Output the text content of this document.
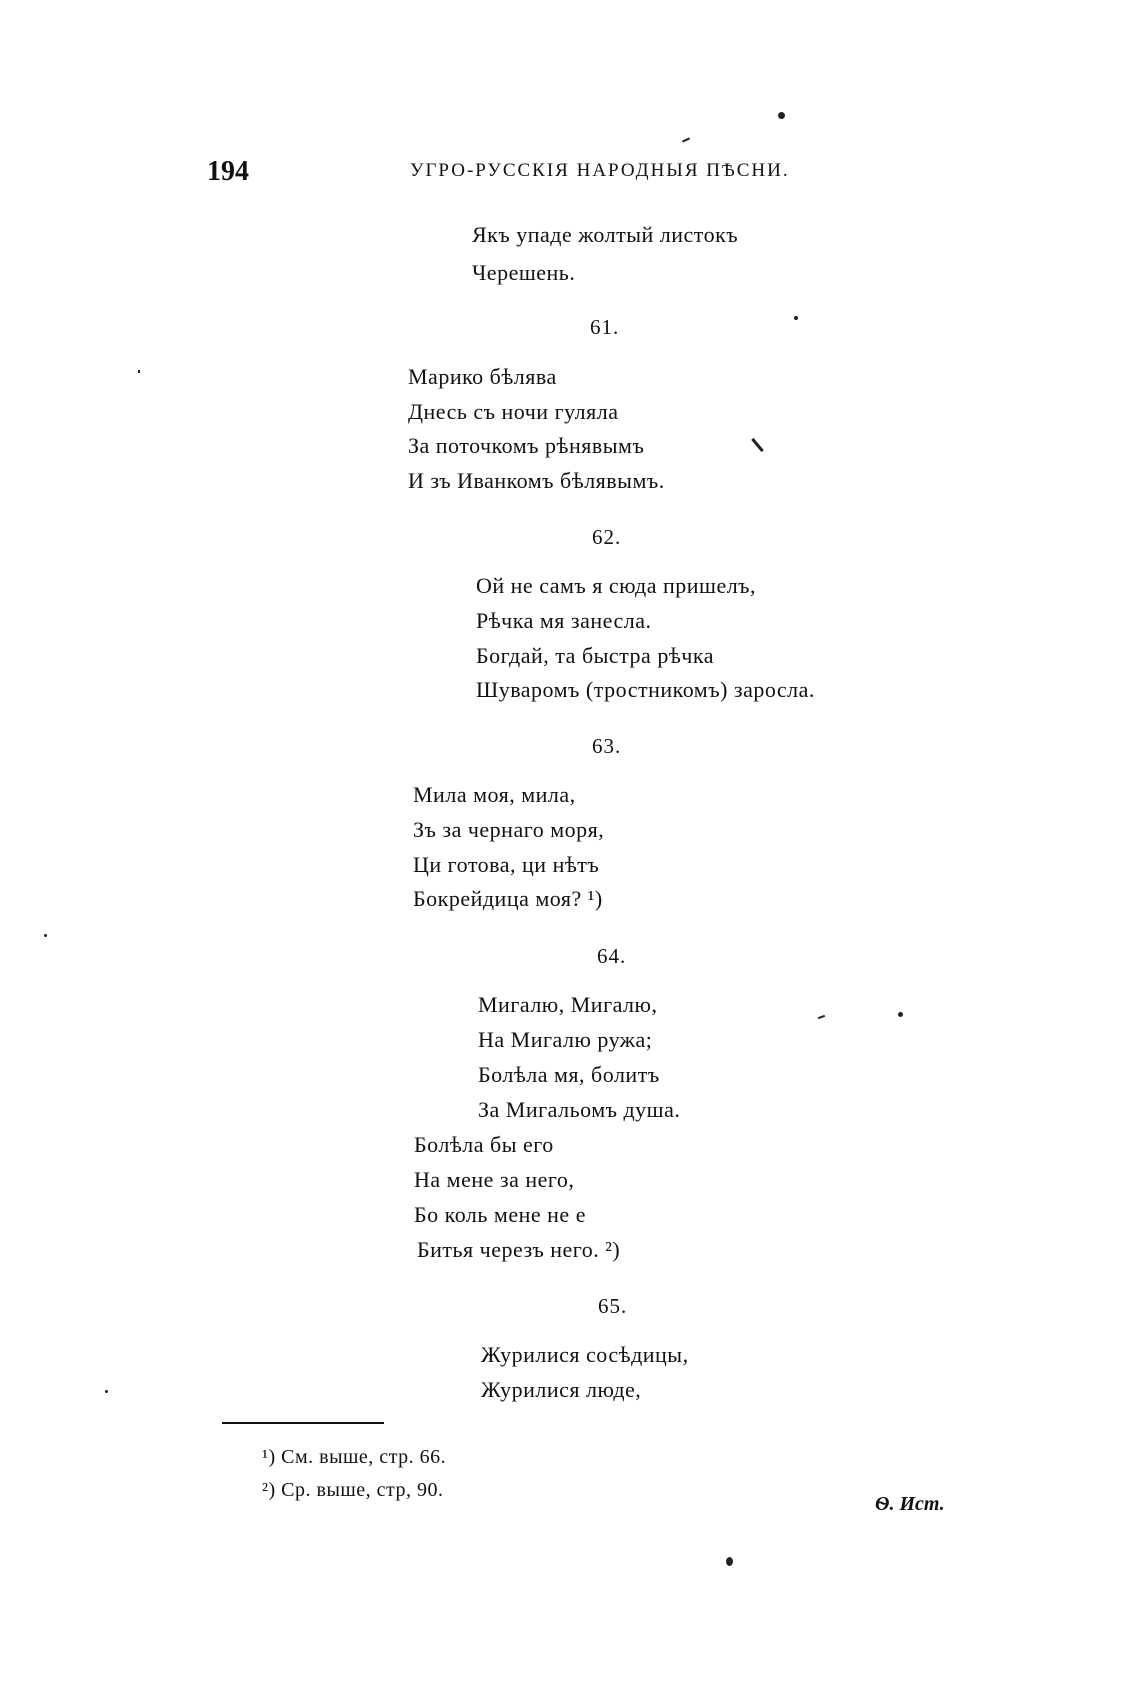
194	УГРО-РУССКІЯ НАРОДНЫЯ ПѢСНИ.
Якъ упаде жолтый листокъ
Черешень.
61.
Марико бѣлява
Днесь съ ночи гуляла
За поточкомъ рѣнявымъ
И зъ Иванкомъ бѣлявымъ.
62.
Ой не самъ я сюда пришелъ,
Рѣчка мя занесла.
Богдай, та быстра рѣчка
Шуваромъ (тростникомъ) заросла.
63.
Мила моя, мила,
Зъ за чернаго моря,
Ци готова, ци нѣтъ
Бокрейдица моя? ¹)
64.
Мигалю, Мигалю,
На Мигалю ружа;
Болѣла мя, болитъ
За Мигальомъ душа.
Болѣла бы его
На мене за него,
Бо коль мене не е
Битья черезъ него. ²)
65.
Журилися сосѣдицы,
Журилися люде,
¹) См. выше, стр. 66.
²) Ср. выше, стр, 90.
Ѳ. Ист.
